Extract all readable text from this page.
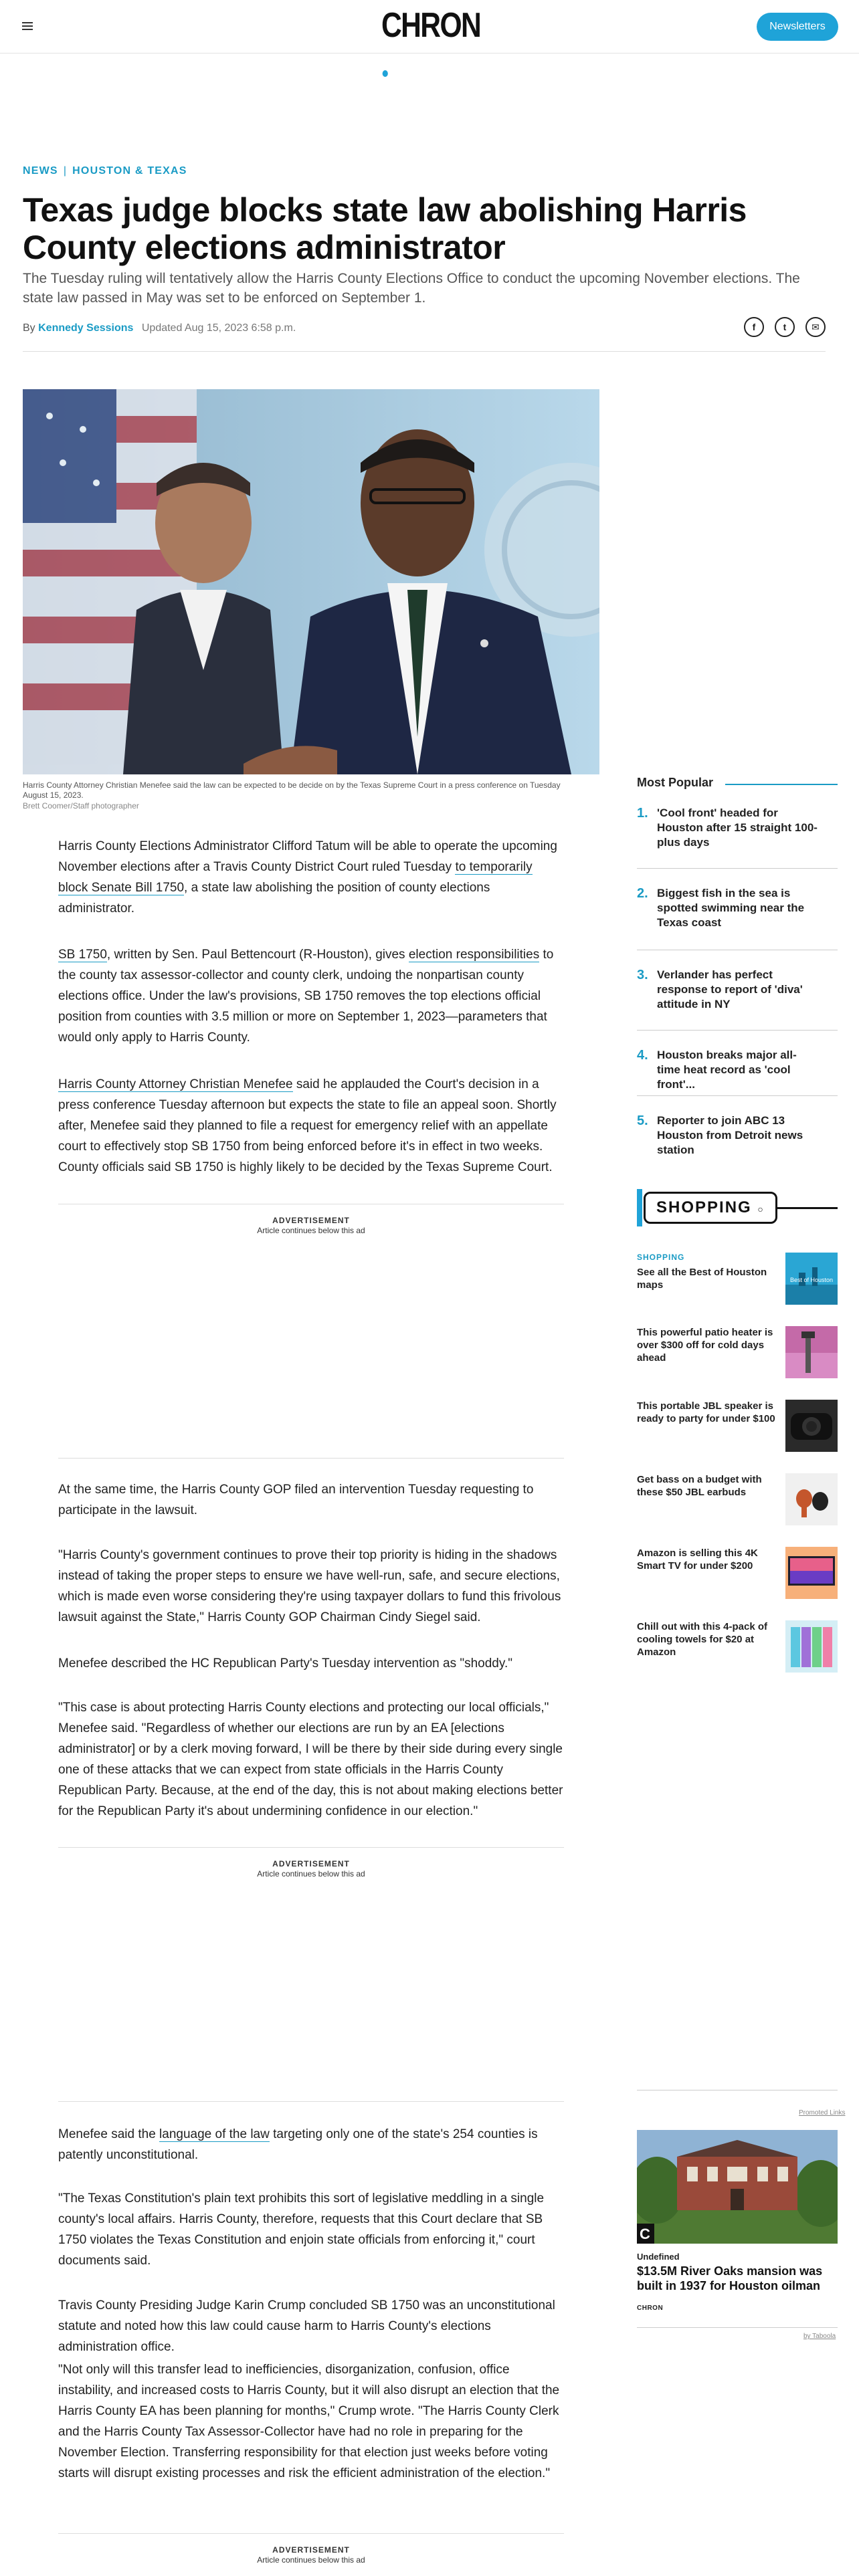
CHRON	Newsletters
NEWS | HOUSTON & TEXAS
Texas judge blocks state law abolishing Harris County elections administrator

The Tuesday ruling will tentatively allow the Harris County Elections Office to conduct the upcoming November elections. The state law passed in May was set to be enforced on September 1.

By Kennedy Sessions Updated Aug 15, 2023 6:58 p.m.	f	t	✉

Harris County Attorney Christian Menefee said the law can be expected to be decide on by the Texas Supreme Court in a press conference on Tuesday August 15, 2023.

Brett Coomer/Staff photographer

Harris County Elections Administrator Clifford Tatum will be able to operate the upcoming November elections after a Travis County District Court ruled Tuesday to temporarily block Senate Bill 1750, a state law abolishing the position of county elections administrator.

SB 1750, written by Sen. Paul Bettencourt (R-Houston), gives election responsibilities to the county tax assessor-collector and county clerk, undoing the nonpartisan county elections office. Under the law's provisions, SB 1750 removes the top elections official position from counties with 3.5 million or more on September 1, 2023—parameters that would only apply to Harris County.

Harris County Attorney Christian Menefee said he applauded the Court's decision in a press conference Tuesday afternoon but expects the state to file an appeal soon. Shortly after, Menefee said they planned to file a request for emergency relief with an appellate court to effectively stop SB 1750 from being enforced before it's in effect in two weeks. County officials said SB 1750 is highly likely to be decided by the Texas Supreme Court.

ADVERTISEMENT
Article continues below this ad

At the same time, the Harris County GOP filed an intervention Tuesday requesting to participate in the lawsuit.

"Harris County's government continues to prove their top priority is hiding in the shadows instead of taking the proper steps to ensure we have well-run, safe, and secure elections, which is made even worse considering they're using taxpayer dollars to fund this frivolous lawsuit against the State," Harris County GOP Chairman Cindy Siegel said.

Menefee described the HC Republican Party's Tuesday intervention as "shoddy."

"This case is about protecting Harris County elections and protecting our local officials," Menefee said. "Regardless of whether our elections are run by an EA [elections administrator] or by a clerk moving forward, I will be there by their side during every single one of these attacks that we can expect from state officials in the Harris County Republican Party. Because, at the end of the day, this is not about making elections better for the Republican Party it's about undermining confidence in our election."

ADVERTISEMENT
Article continues below this ad

Menefee said the language of the law targeting only one of the state's 254 counties is patently unconstitutional.

"The Texas Constitution's plain text prohibits this sort of legislative meddling in a single county's local affairs. Harris County, therefore, requests that this Court declare that SB 1750 violates the Texas Constitution and enjoin state officials from enforcing it," court documents said.

Travis County Presiding Judge Karin Crump concluded SB 1750 was an unconstitutional statute and noted how this law could cause harm to Harris County's elections administration office.

"Not only will this transfer lead to inefficiencies, disorganization, confusion, office instability, and increased costs to Harris County, but it will also disrupt an election that the Harris County EA has been planning for months," Crump wrote. "The Harris County Clerk and the Harris County Tax Assessor-Collector have had no role in preparing for the November Election. Transferring responsibility for that election just weeks before voting starts will disrupt existing processes and risk the efficient administration of the election."

ADVERTISEMENT
Article continues below this ad
Most Popular
1. 'Cool front' headed for Houston after 15 straight 100-plus days
2. Biggest fish in the sea is spotted swimming near the Texas coast
3. Verlander has perfect response to report of 'diva' attitude in NY
4. Houston breaks major all-time heat record as 'cool front'...
5. Reporter to join ABC 13 Houston from Detroit news station
SHOPPING ○
SHOPPING
See all the Best of Houston maps	Best of Houston
This powerful patio heater is over $300 off for cold days ahead
This portable JBL speaker is ready to party for under $100
Get bass on a budget with these $50 JBL earbuds
Amazon is selling this 4K Smart TV for under $200
Chill out with this 4-pack of cooling towels for $20 at Amazon
Promoted Links
C
Undefined
$13.5M River Oaks mansion was built in 1937 for Houston oilman
CHRON
by Taboola
